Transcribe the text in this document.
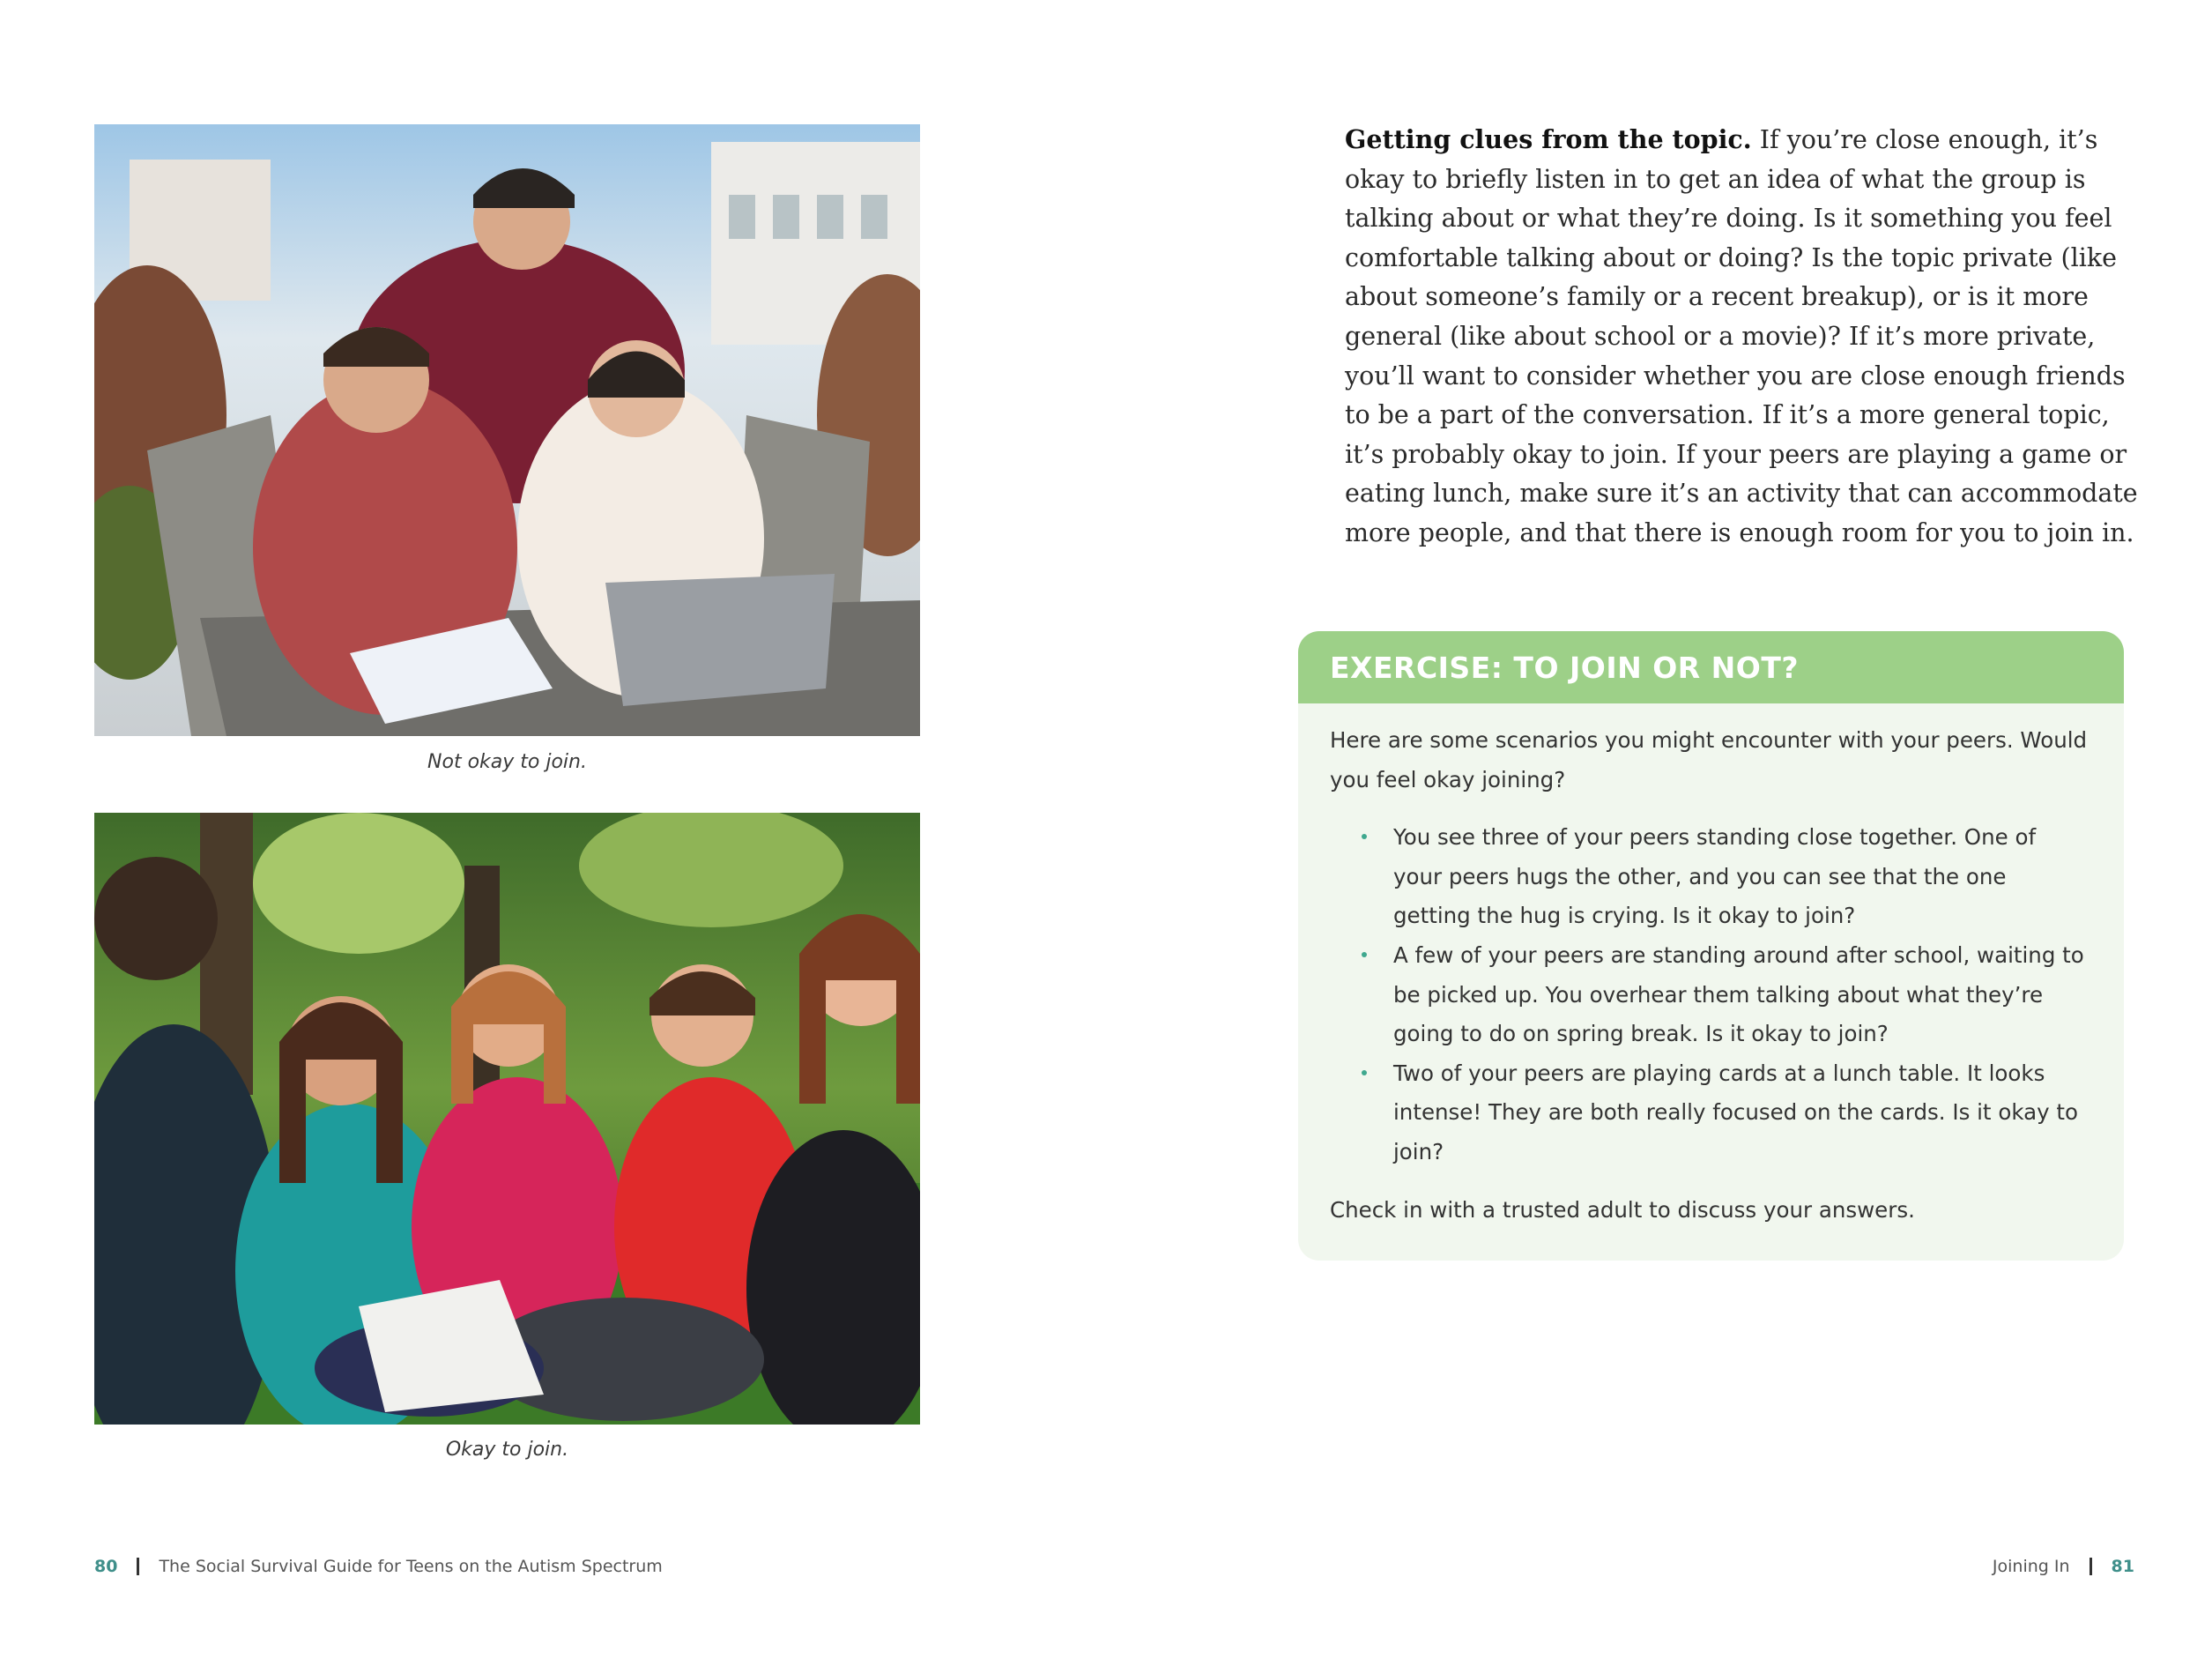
Not okay to join.
Okay to join.
80 The Social Survival Guide for Teens on the Autism Spectrum

Getting clues from the topic. If you’re close enough, it’s okay to briefly listen in to get an idea of what the group is talking about or what they’re doing. Is it something you feel comfortable talking about or doing? Is the topic private (like about someone’s family or a recent breakup), or is it more general (like about school or a movie)? If it’s more private, you’ll want to consider whether you are close enough friends to be a part of the conversation. If it’s a more general topic, it’s probably okay to join. If your peers are playing a game or eating lunch, make sure it’s an activity that can accommodate more people, and that there is enough room for you to join in.

EXERCISE: TO JOIN OR NOT?

Here are some scenarios you might encounter with your peers. Would you feel okay joining?

You see three of your peers standing close together. One of your peers hugs the other, and you can see that the one getting the hug is crying. Is it okay to join?
A few of your peers are standing around after school, waiting to be picked up. You overhear them talking about what they’re going to do on spring break. Is it okay to join?
Two of your peers are playing cards at a lunch table. It looks intense! They are both really focused on the cards. Is it okay to join?

Check in with a trusted adult to discuss your answers.

Joining In 81
